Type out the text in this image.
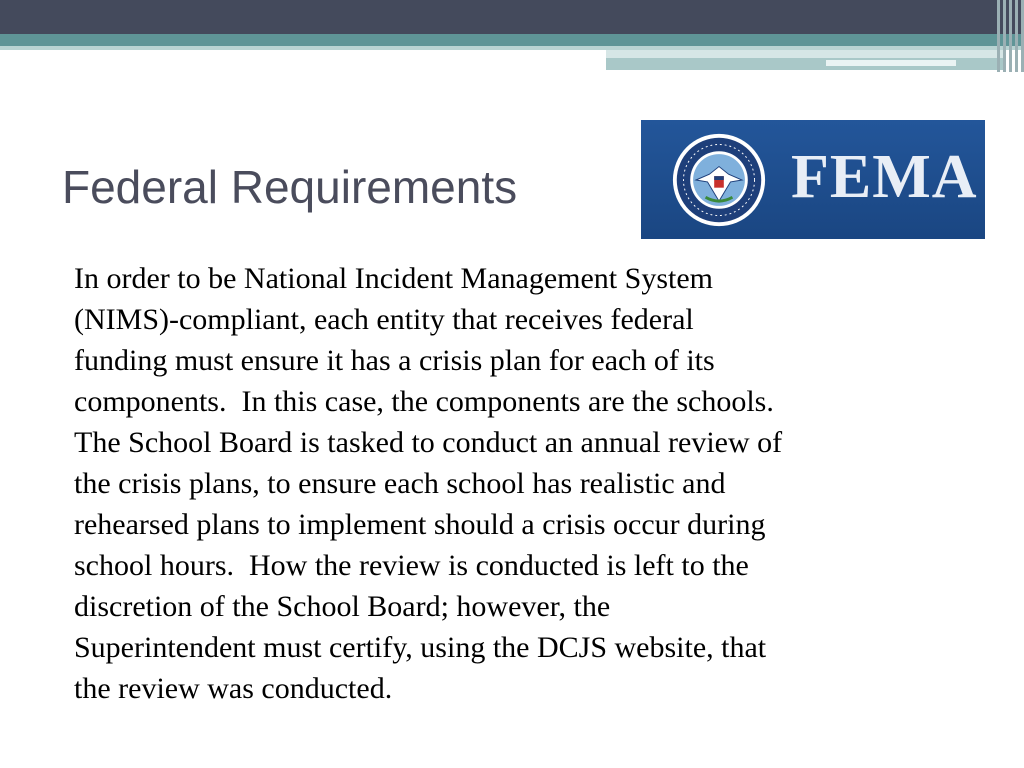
Federal Requirements	FEMA
In order to be National Incident Management System
(NIMS)-compliant, each entity that receives federal
funding must ensure it has a crisis plan for each of its
components.  In this case, the components are the schools.
The School Board is tasked to conduct an annual review of
the crisis plans, to ensure each school has realistic and
rehearsed plans to implement should a crisis occur during
school hours.  How the review is conducted is left to the
discretion of the School Board; however, the
Superintendent must certify, using the DCJS website, that
the review was conducted.
